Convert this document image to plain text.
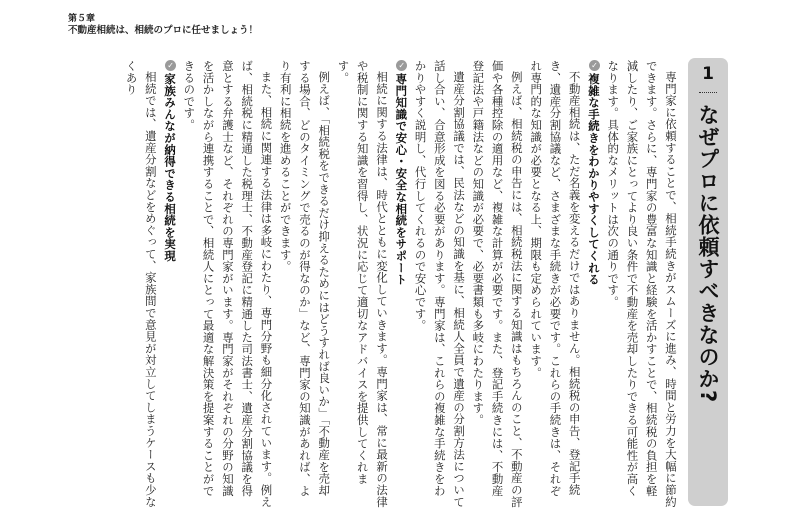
第５章
不動産相続は、相続のプロに任せましょう！
1
なぜプロに依頼すべきなのか?

専門家に依頼することで、相続手続きがスムーズに進み、時間と労力を大幅に節約できます。さらに、専門家の豊富な知識と経験を活かすことで、相続税の負担を軽減したり、ご家族にとってより良い条件で不動産を売却したりできる可能性が高くなります。具体的なメリットは次の通りです。

✓複雑な手続きをわかりやすくしてくれる

不動産相続は、ただ名義を変えるだけではありません。相続税の申告、登記手続き、遺産分割協議など、さまざまな手続きが必要です。これらの手続きは、それぞれ専門的な知識が必要となる上、期限も定められています。

例えば、相続税の申告には、相続税法に関する知識はもちろんのこと、不動産の評価や各種控除の適用など、複雑な計算が必要です。また、登記手続きには、不動産登記法や戸籍法などの知識が必要で、必要書類も多岐にわたります。

遺産分割協議では、民法などの知識を基に、相続人全員で遺産の分割方法について話し合い、合意形成を図る必要があります。専門家は、これらの複雑な手続きをわかりやすく説明し、代行してくれるので安心です。

✓専門知識で安心・安全な相続をサポート

相続に関する法律は、時代とともに変化していきます。専門家は、常に最新の法律や税制に関する知識を習得し、状況に応じて適切なアドバイスを提供してくれます。

例えば、「相続税をできるだけ抑えるためにはどうすれば良いか」「不動産を売却する場合、どのタイミングで売るのが得なのか」など、専門家の知識があれば、より有利に相続を進めることができます。

また、相続に関連する法律は多岐にわたり、専門分野も細分化されています。例えば、相続税に精通した税理士、不動産登記に精通した司法書士、遺産分割協議を得意とする弁護士など、それぞれの専門家がいます。専門家がそれぞれの分野の知識を活かしながら連携することで、相続人にとって最適な解決策を提案することができるのです。

✓家族みんなが納得できる相続を実現

相続では、遺産分割などをめぐって、家族間で意見が対立してしまうケースも少なくあり
